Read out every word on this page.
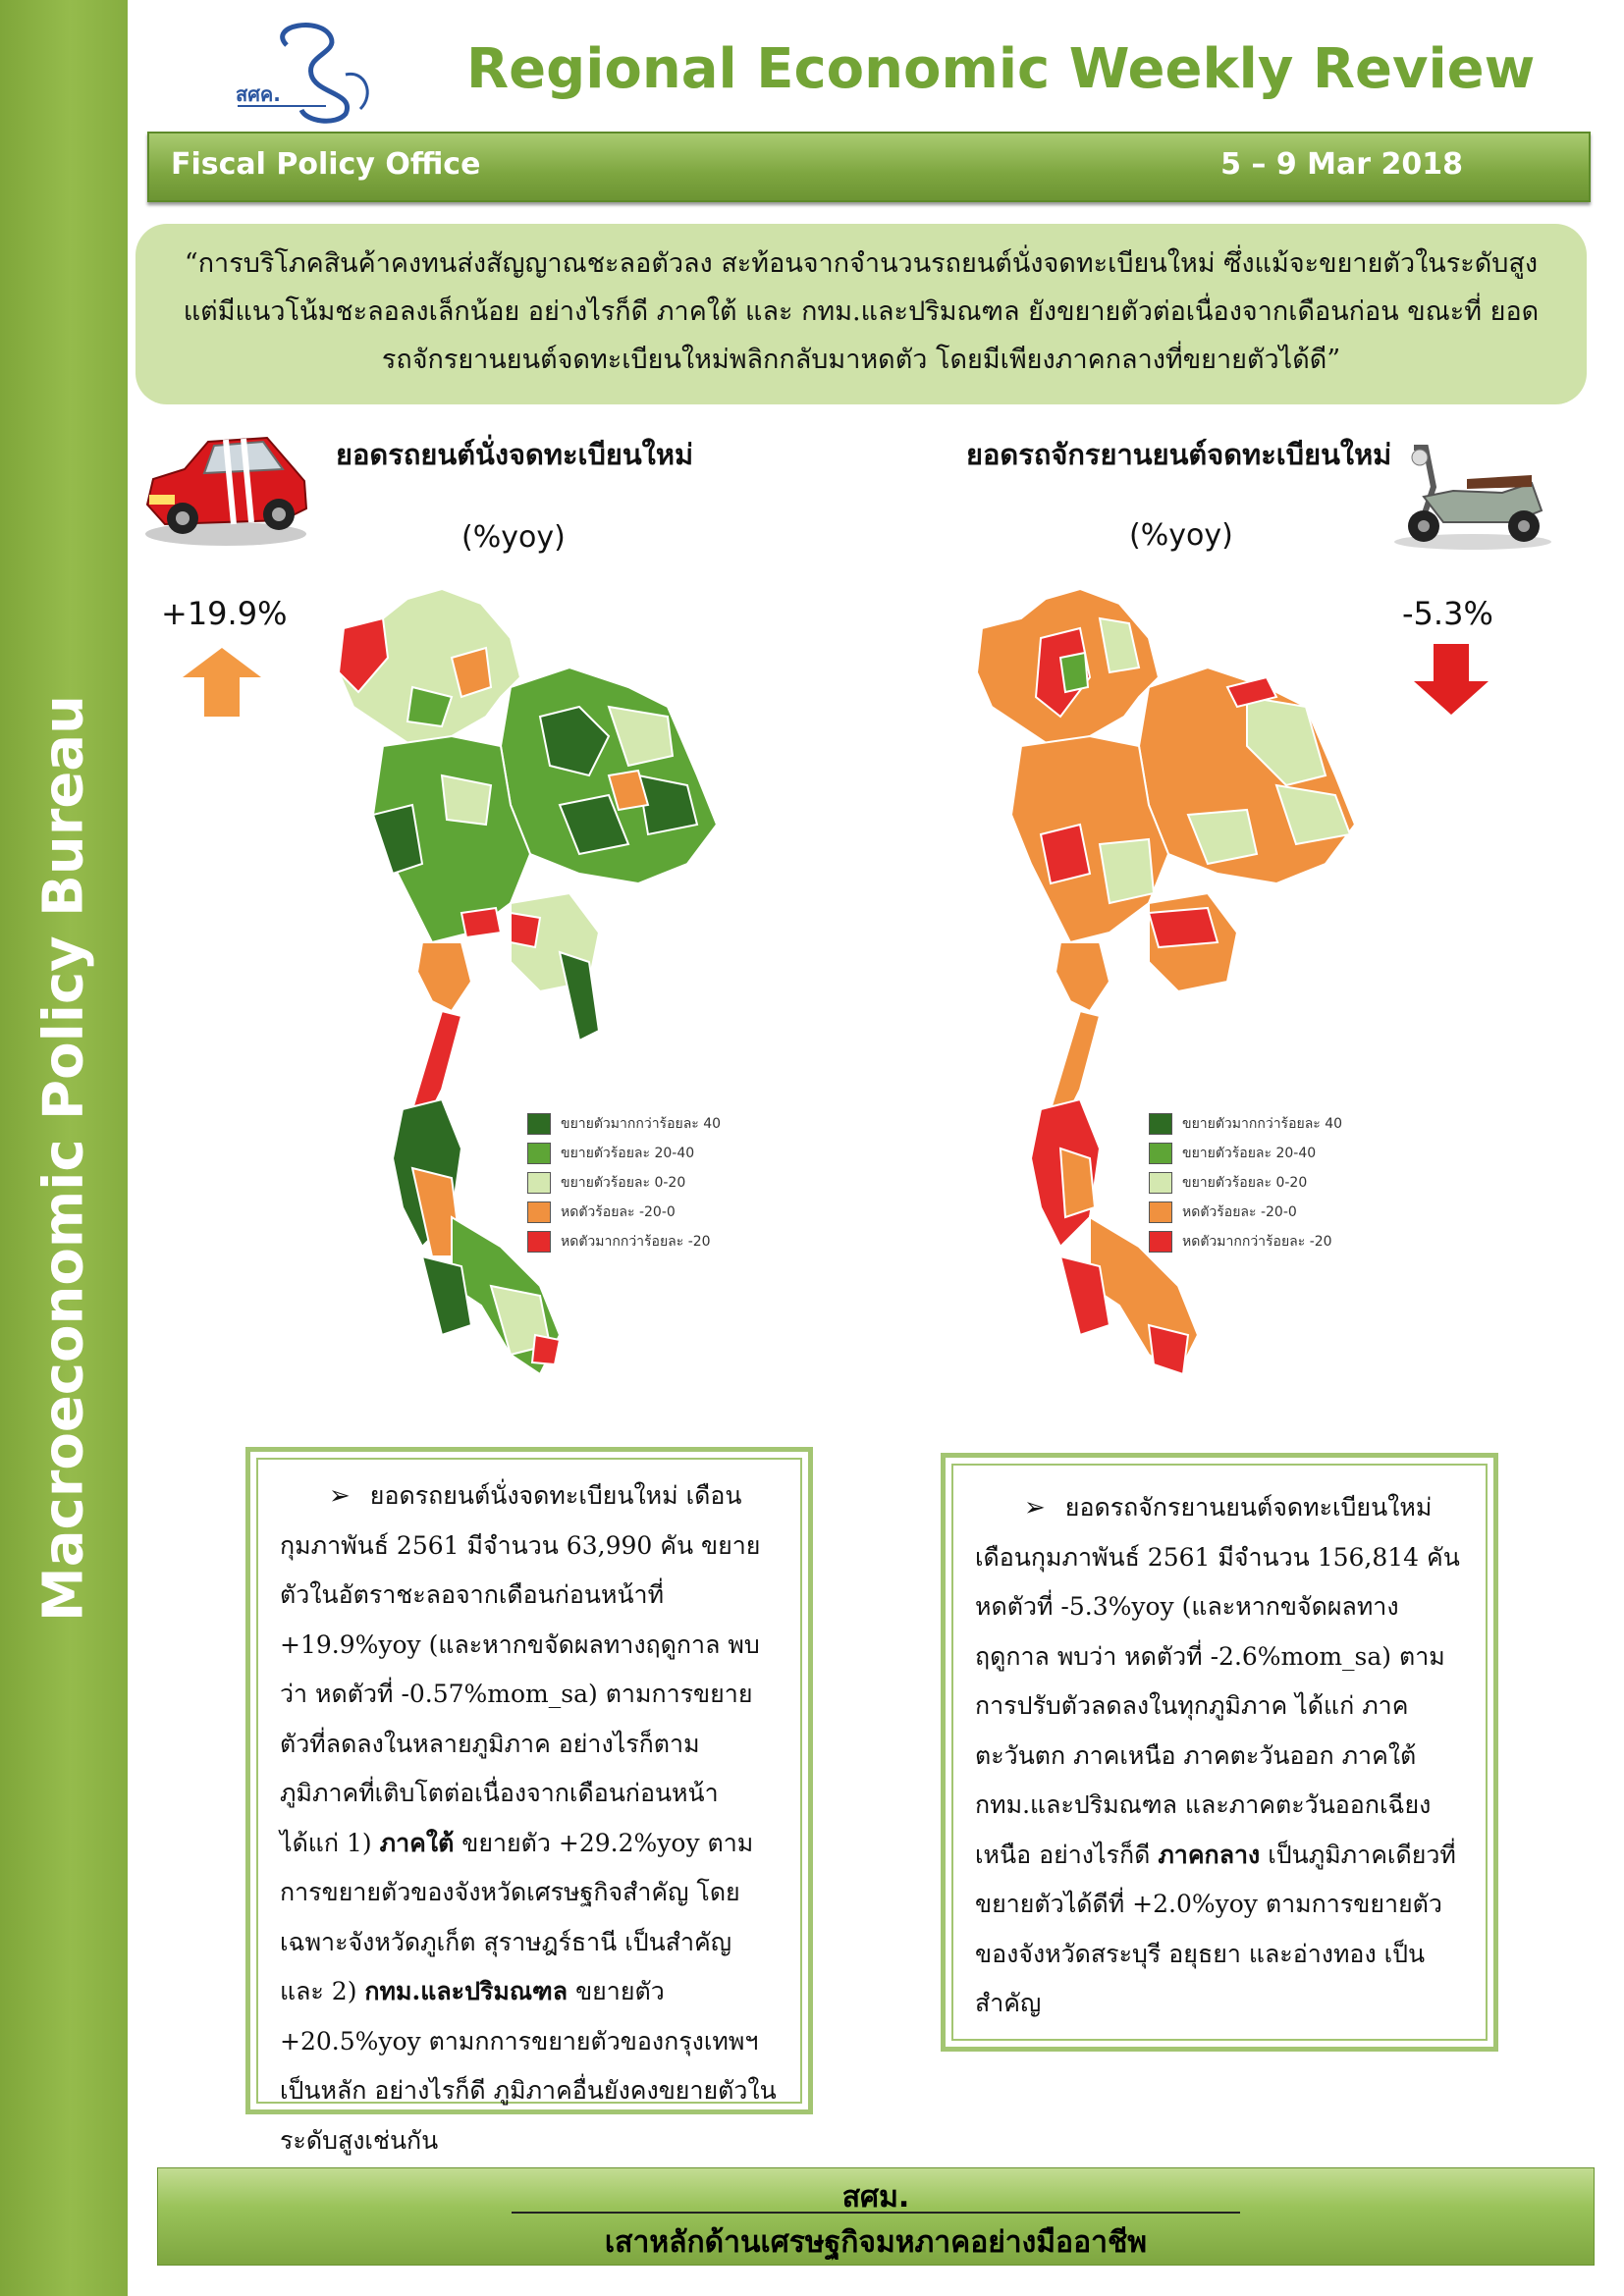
Macroeconomic Policy Bureau
สศค.	Regional Economic Weekly Review
Fiscal Policy Office	5 – 9 Mar 2018
“การบริโภคสินค้าคงทนส่งสัญญาณชะลอตัวลง สะท้อนจากจำนวนรถยนต์นั่งจดทะเบียนใหม่ ซึ่งแม้จะขยายตัวในระดับสูงแต่มีแนวโน้มชะลอลงเล็กน้อย อย่างไรก็ดี ภาคใต้ และ กทม.และปริมณฑล ยังขยายตัวต่อเนื่องจากเดือนก่อน ขณะที่ ยอดรถจักรยานยนต์จดทะเบียนใหม่พลิกกลับมาหดตัว โดยมีเพียงภาคกลางที่ขยายตัวได้ดี”
ยอดรถยนต์นั่งจดทะเบียนใหม่
(%yoy)
+19.9%
ขยายตัวมากกว่าร้อยละ 40
ขยายตัวร้อยละ 20-40
ขยายตัวร้อยละ 0-20
หดตัวร้อยละ -20-0
หดตัวมากกว่าร้อยละ -20
ยอดรถจักรยานยนต์จดทะเบียนใหม่
(%yoy)
-5.3%
ขยายตัวมากกว่าร้อยละ 40
ขยายตัวร้อยละ 20-40
ขยายตัวร้อยละ 0-20
หดตัวร้อยละ -20-0
หดตัวมากกว่าร้อยละ -20
➢ ยอดรถยนต์นั่งจดทะเบียนใหม่ เดือน
กุมภาพันธ์ 2561 มีจำนวน 63,990 คัน ขยายตัวในอัตราชะลอจากเดือนก่อนหน้าที่ +19.9%yoy (และหากขจัดผลทางฤดูกาล พบว่า หดตัวที่ -0.57%mom_sa) ตามการขยายตัวที่ลดลงในหลายภูมิภาค อย่างไรก็ตาม ภูมิภาคที่เติบโตต่อเนื่องจากเดือนก่อนหน้า ได้แก่ 1) ภาคใต้ ขยายตัว +29.2%yoy ตามการขยายตัวของจังหวัดเศรษฐกิจสำคัญ โดยเฉพาะจังหวัดภูเก็ต สุราษฎร์ธานี เป็นสำคัญ และ 2) กทม.และปริมณฑล ขยายตัว +20.5%yoy ตามกการขยายตัวของกรุงเทพฯ เป็นหลัก อย่างไรก็ดี ภูมิภาคอื่นยังคงขยายตัวในระดับสูงเช่นกัน
➢ ยอดรถจักรยานยนต์จดทะเบียนใหม่
เดือนกุมภาพันธ์ 2561 มีจำนวน 156,814 คัน หดตัวที่ -5.3%yoy (และหากขจัดผลทางฤดูกาล พบว่า หดตัวที่ -2.6%mom_sa) ตามการปรับตัวลดลงในทุกภูมิภาค ได้แก่ ภาคตะวันตก ภาคเหนือ ภาคตะวันออก ภาคใต้ กทม.และปริมณฑล และภาคตะวันออกเฉียงเหนือ อย่างไรก็ดี ภาคกลาง เป็นภูมิภาคเดียวที่ขยายตัวได้ดีที่ +2.0%yoy ตามการขยายตัวของจังหวัดสระบุรี อยุธยา และอ่างทอง เป็นสำคัญ
สศม.
เสาหลักด้านเศรษฐกิจมหภาคอย่างมืออาชีพ
